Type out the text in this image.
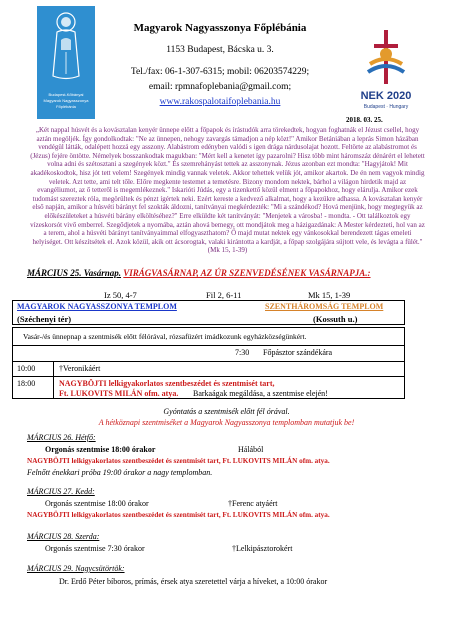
Budapest-Kőbányai
Magyarok Nagyasszonya
Főplébánia
Magyarok Nagyasszonya Főplébánia
1153 Budapest, Bácska u. 3.
Tel./fax: 06-1-307-6315; mobil: 06203574229;
email: rpmnafoplebania@gmail.com;
www.rakospalotaifoplebania.hu	NEK 2020
Budapest · Hungary
2018. 03. 25.
„Két nappal húsvét és a kovásztalan kenyér ünnepe előtt a főpapok és írástudók arra törekedtek, hogyan foghatnák el Jézust csellel, hogy aztán megöljék. Így gondolkodtak: "Ne az ünnepen, nehogy zavargás támadjon a nép közt!" Amikor Betániában a leprás Simon házában vendégül látták, odalépett hozzá egy asszony. Alabástrom edényben valódi s igen drága nárdusolajat hozott. Feltörte az alabástromot és (Jézus) fejére öntötte. Némelyek bosszankodtak magukban: "Mért kell a kenetet így pazarolni? Hisz több mint háromszáz dénárért el lehetett volna adni és szétosztani a szegények közt." És szemrehányást tettek az asszonynak. Jézus azonban ezt mondta: "Hagyjátok! Mit akadékoskodtok, hisz jót tett velem! Szegények mindig vannak veletek. Akkor tehettek velük jót, amikor akartok. De én nem vagyok mindig veletek. Azt tette, ami telt tőle. Előre megkente testemet a temetésre. Bizony mondom nektek, bárhol a világon hirdetik majd az evangéliumot, az ő tetteről is megemlékeznek." Iskarióti Júdás, egy a tizenkettő közül elment a főpapokhoz, hogy elárulja. Amikor ezek tudomást szereztek róla, megörültek és pénzt ígértek neki. Ezért kereste a kedvező alkalmat, hogy a kezükre adhassa. A kovásztalan kenyér első napján, amikor a húsvéti bárányt fel szokták áldozni, tanítványai megkérdezték: "Mi a szándékod? Hová menjünk, hogy megtegyük az előkészületeket a húsvéti bárány elköltéséhez?" Erre elküldte két tanítványát: "Menjetek a városba! - mondta. - Ott találkoztok egy vízeskorsót vivő emberrel. Szegődjetek a nyomába, aztán ahová bemegy, ott mondjátok meg a házigazdának: A Mester kérdezteti, hol van az a terem, ahol a húsvéti bárányt tanítványaimmal elfogyaszthatom? Ő majd mutat nektek egy vánkosokkal berendezett tágas emeleti helyiséget. Ott készítsétek el. Azok közül, akik ott ácsorogtak, valaki kirántotta a kardját, a főpap szolgájára sújtott vele, és levágta a fülét." (Mk 15, 1-39)
MÁRCIUS 25. Vasárnap. VIRÁGVASÁRNAP, AZ ÚR SZENVEDÉSÉNEK VASÁRNAPJA.:
Iz 50, 4-7	Fil 2, 6-11	Mk 15, 1-39
MAGYAROK NAGYASSZONYA TEMPLOM
(Széchenyi tér)
SZENTHÁROMSÁG TEMPLOM
(Kossuth u.)
Vasár-/és ünnepnap a szentmisék előtt félórával, rózsafüzért imádkozunk egyházközségünkért.
7:30 Főpásztor szándékára
10:00	†Veronikáért
18:00	NAGYBÖJTI lelkigyakorlatos szentbeszédet és szentmisét tart,
Ft. LUKOVITS MILÁN ofm. atya. Barkaágak megáldása, a szentmise elején!
Gyóntatás a szentmisék előtt fél órával.
A hétköznapi szentmiséket a Magyarok Nagyasszonya templomban mutatjuk be!
MÁRCIUS 26. Hétfő:
Orgonás szentmise 18:00 órakor	Hálából
NAGYBÖJTI lelkigyakorlatos szentbeszédet és szentmisét tart, Ft. LUKOVITS MILÁN ofm. atya.
Felnőtt énekkari próba 19:00 órakor a nagy templomban.
MÁRCIUS 27. Kedd:
Orgonás szentmise 18:00 órakor	†Ferenc atyáért
NAGYBÖJTI lelkigyakorlatos szentbeszédet és szentmisét tart, Ft. LUKOVITS MILÁN ofm. atya.
MÁRCIUS 28. Szerda:
Orgonás szentmise 7:30 órakor	†Lelkipásztorokért
MÁRCIUS 29. Nagycsütörtök:
Dr. Erdő Péter bíboros, prímás, érsek atya szeretettel várja a híveket, a 10:00 órakor
